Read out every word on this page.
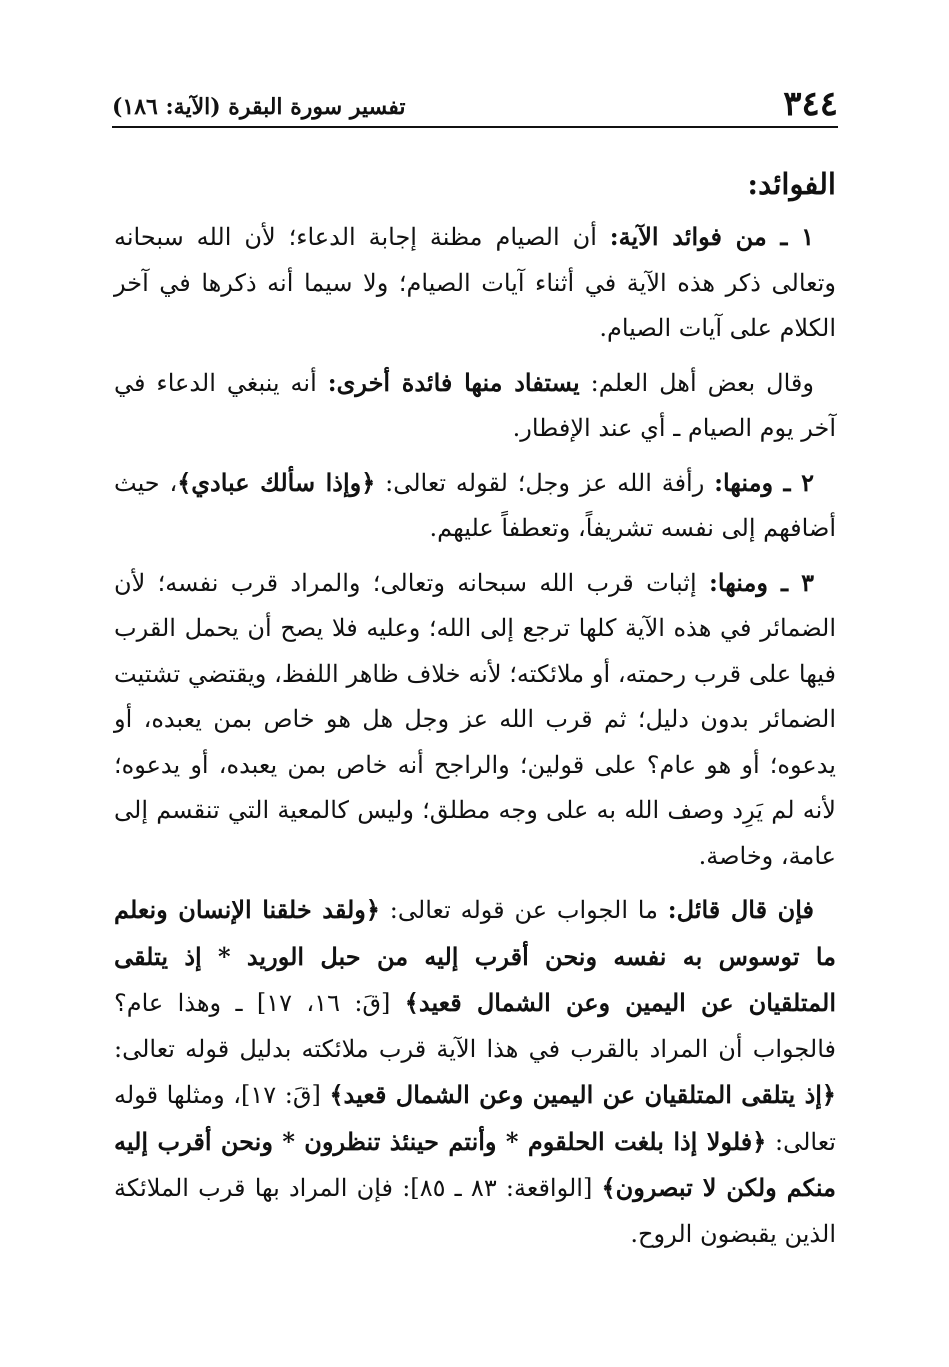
٣٤٤
تفسير سورة البقرة (الآية: ١٨٦)
الفوائد:

١ ـ من فوائد الآية: أن الصيام مظنة إجابة الدعاء؛ لأن الله سبحانه وتعالى ذكر هذه الآية في أثناء آيات الصيام؛ ولا سيما أنه ذكرها في آخر الكلام على آيات الصيام.

وقال بعض أهل العلم: يستفاد منها فائدة أخرى: أنه ينبغي الدعاء في آخر يوم الصيام ـ أي عند الإفطار.

٢ ـ ومنها: رأفة الله عز وجل؛ لقوله تعالى: ﴿وإذا سألك عبادي﴾، حيث أضافهم إلى نفسه تشريفاً، وتعطفاً عليهم.

٣ ـ ومنها: إثبات قرب الله سبحانه وتعالى؛ والمراد قرب نفسه؛ لأن الضمائر في هذه الآية كلها ترجع إلى الله؛ وعليه فلا يصح أن يحمل القرب فيها على قرب رحمته، أو ملائكته؛ لأنه خلاف ظاهر اللفظ، ويقتضي تشتيت الضمائر بدون دليل؛ ثم قرب الله عز وجل هل هو خاص بمن يعبده، أو يدعوه؛ أو هو عام؟ على قولين؛ والراجح أنه خاص بمن يعبده، أو يدعوه؛ لأنه لم يَرِد وصف الله به على وجه مطلق؛ وليس كالمعية التي تنقسم إلى عامة، وخاصة.

فإن قال قائل: ما الجواب عن قوله تعالى: ﴿ولقد خلقنا الإنسان ونعلم ما توسوس به نفسه ونحن أقرب إليه من حبل الوريد * إذ يتلقى المتلقيان عن اليمين وعن الشمال قعيد﴾ [قَ: ١٦، ١٧] ـ وهذا عام؟ فالجواب أن المراد بالقرب في هذا الآية قرب ملائكته بدليل قوله تعالى: ﴿إذ يتلقى المتلقيان عن اليمين وعن الشمال قعيد﴾ [قَ: ١٧]، ومثلها قوله تعالى: ﴿فلولا إذا بلغت الحلقوم * وأنتم حينئذ تنظرون * ونحن أقرب إليه منكم ولكن لا تبصرون﴾ [الواقعة: ٨٣ ـ ٨٥]: فإن المراد بها قرب الملائكة الذين يقبضون الروح.
